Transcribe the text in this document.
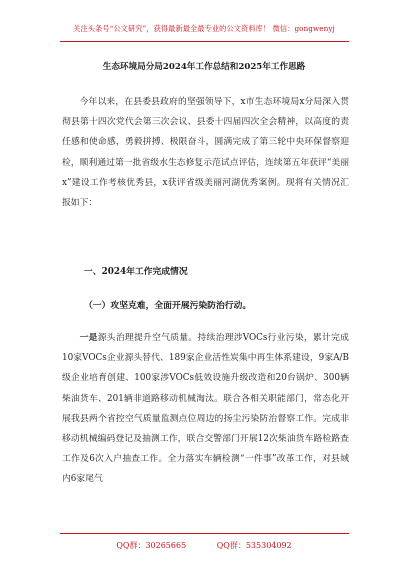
关注头条号“公文研究”，获得最新最全最专业的公文资料库！ 微信：gongwenyj
生态环境局分局2024年工作总结和2025年工作思路

今年以来，在县委县政府的坚强领导下，x市生态环境局x分局深入贯彻县第十四次党代会第三次会议、县委十四届四次全会精神，以高度的责任感和使命感，勇毅拼搏、极限奋斗，圆满完成了第三轮中央环保督察迎检，顺利通过第一批省级水生态修复示范试点评估，连续第五年获评“美丽x”建设工作考核优秀县，x获评省级美丽河湖优秀案例。现将有关情况汇报如下：

一、2024年工作完成情况
（一）攻坚克难，全面开展污染防治行动。

一是源头治理提升空气质量。持续治理涉VOCs行业污染，累计完成10家VOCs企业源头替代、189家企业活性炭集中再生体系建设，9家A/B级企业培育创建、100家涉VOCs低效设施升级改造和20台锅炉、300辆柴油货车、201辆非道路移动机械淘汰。联合各相关职能部门，常态化开展我县两个省控空气质量监测点位周边的扬尘污染防治督察工作。完成非移动机械编码登记及抽测工作，联合交警部门开展12次柴油货车路检路查工作及6次入户抽查工作。全力落实车辆检测“一件事”改革工作，对县域内6家尾气

QQ群：30265665	QQ群：535304092
